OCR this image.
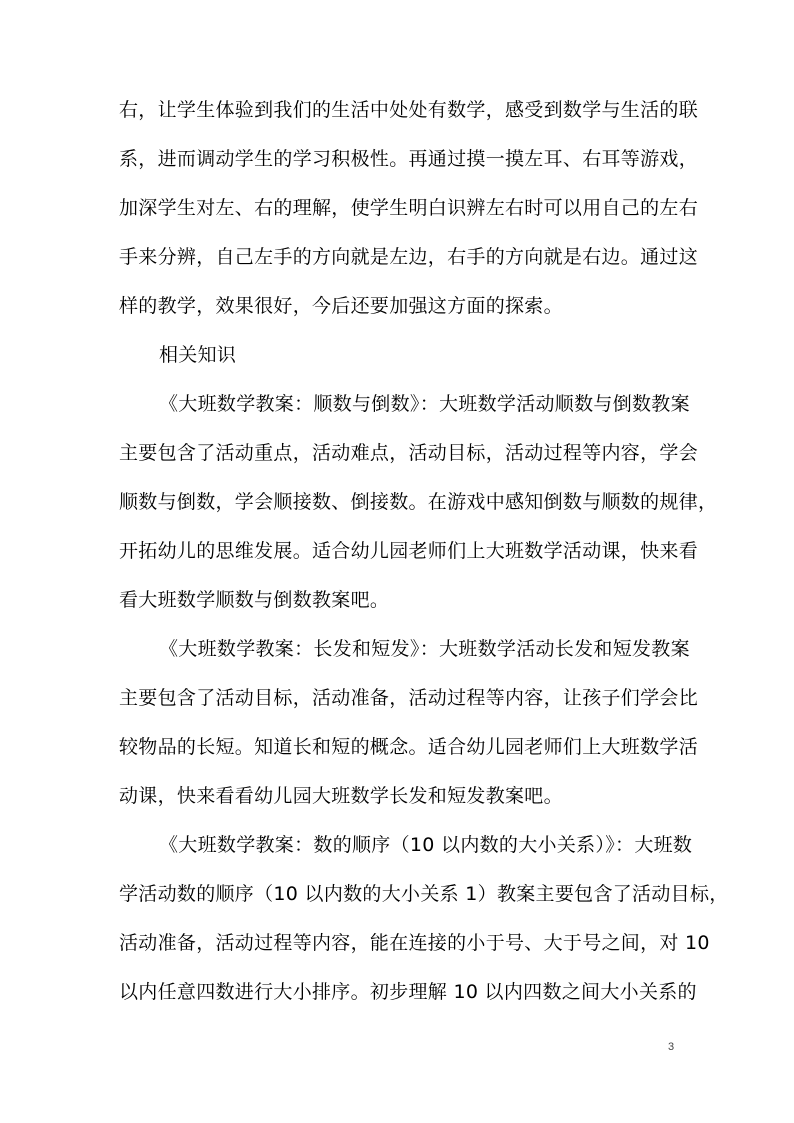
右，让学生体验到我们的生活中处处有数学，感受到数学与生活的联
系，进而调动学生的学习积极性。再通过摸一摸左耳、右耳等游戏，
加深学生对左、右的理解，使学生明白识辨左右时可以用自己的左右
手来分辨，自己左手的方向就是左边，右手的方向就是右边。通过这
样的教学，效果很好，今后还要加强这方面的探索。
相关知识
《大班数学教案：顺数与倒数》：大班数学活动顺数与倒数教案
主要包含了活动重点，活动难点，活动目标，活动过程等内容，学会
顺数与倒数，学会顺接数、倒接数。在游戏中感知倒数与顺数的规律，
开拓幼儿的思维发展。适合幼儿园老师们上大班数学活动课，快来看
看大班数学顺数与倒数教案吧。
《大班数学教案：长发和短发》：大班数学活动长发和短发教案
主要包含了活动目标，活动准备，活动过程等内容，让孩子们学会比
较物品的长短。知道长和短的概念。适合幼儿园老师们上大班数学活
动课，快来看看幼儿园大班数学长发和短发教案吧。
《大班数学教案：数的顺序（10 以内数的大小关系）》：大班数
学活动数的顺序（10 以内数的大小关系 1）教案主要包含了活动目标，
活动准备，活动过程等内容，能在连接的小于号、大于号之间，对 10
以内任意四数进行大小排序。初步理解 10 以内四数之间大小关系的
3
